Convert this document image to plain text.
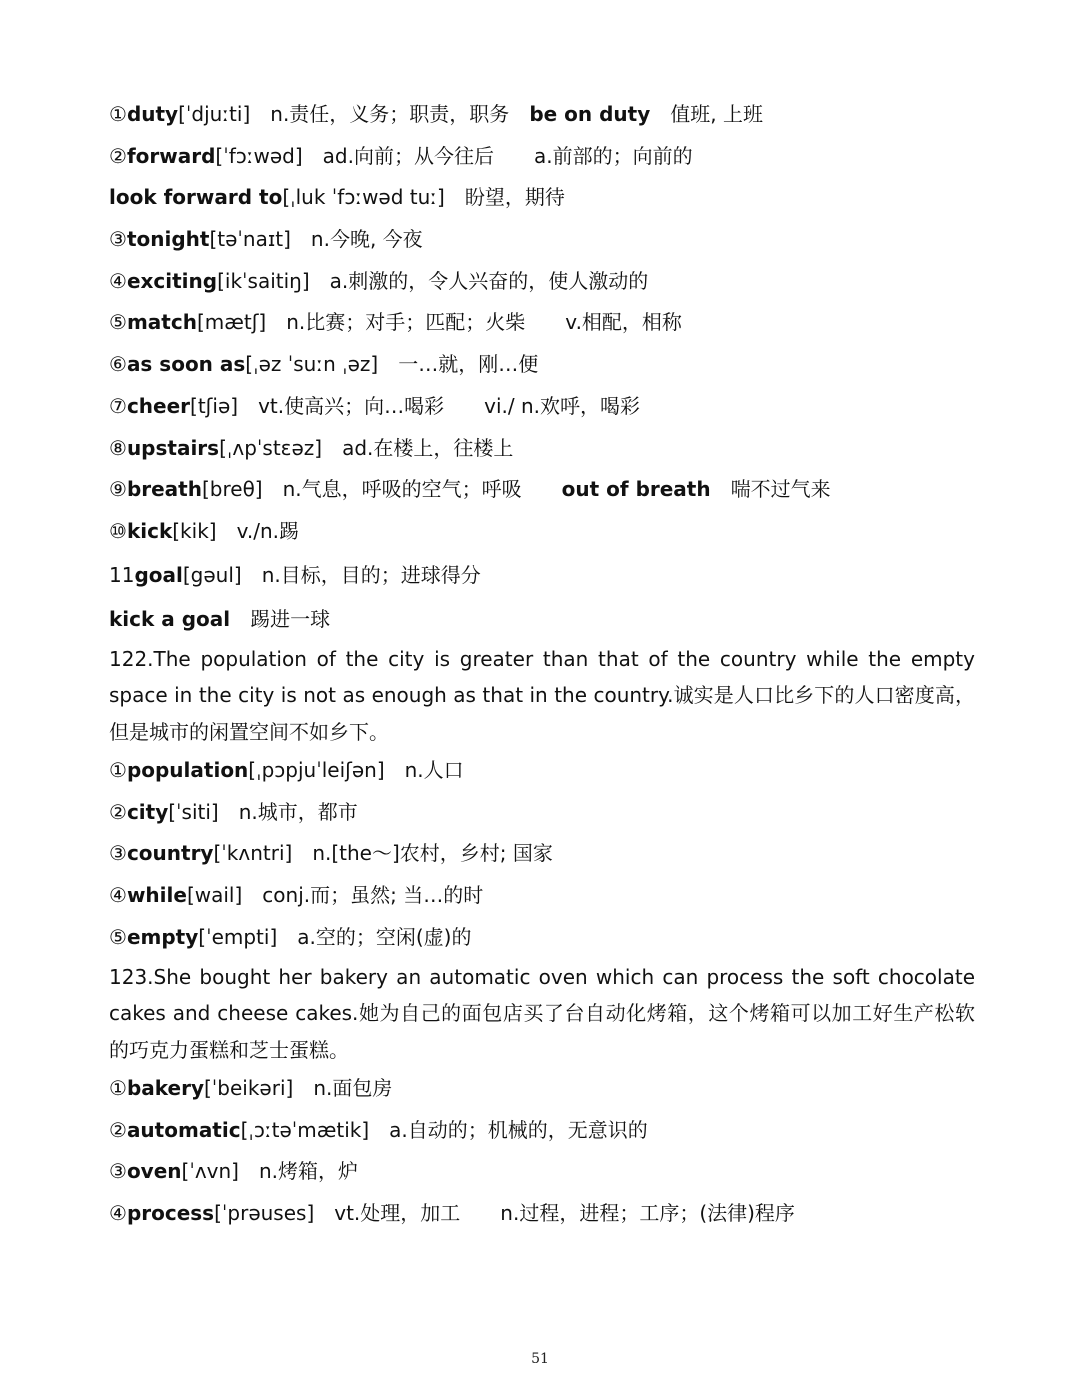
①duty[ˈdjuːti] n.责任，义务；职责，职务 be on duty 值班, 上班
②forward[ˈfɔːwəd] ad.向前；从今往后 a.前部的；向前的
look forward to[ˌluk ˈfɔːwəd tuː] 盼望，期待
③tonight[təˈnaɪt] n.今晚, 今夜
④exciting[ikˈsaitiŋ] a.刺激的，令人兴奋的，使人激动的
⑤match[mætʃ] n.比赛；对手；匹配；火柴 v.相配，相称
⑥as soon as[ˌəz ˈsuːn ˌəz] 一…就，刚…便
⑦cheer[tʃiə] vt.使高兴；向…喝彩 vi./ n.欢呼，喝彩
⑧upstairs[ˌʌpˈstɛəz] ad.在楼上，往楼上
⑨breath[breθ] n.气息，呼吸的空气；呼吸 out of breath 喘不过气来
⑩kick[kik] v./n.踢
11goal[gəul] n.目标，目的；进球得分
kick a goal 踢进一球
122.The population of the city is greater than that of the country while the empty space in the city is not as enough as that in the country.诚实是人口比乡下的人口密度高，但是城市的闲置空间不如乡下。
①population[ˌpɔpjuˈleiʃən] n.人口
②city[ˈsiti] n.城市，都市
③country[ˈkʌntri] n.[the～]农村，乡村; 国家
④while[wail] conj.而；虽然; 当…的时
⑤empty[ˈempti] a.空的；空闲(虚)的
123.She bought her bakery an automatic oven which can process the soft chocolate cakes and cheese cakes.她为自己的面包店买了台自动化烤箱，这个烤箱可以加工好生产松软的巧克力蛋糕和芝士蛋糕。
①bakery[ˈbeikəri] n.面包房
②automatic[ˌɔːtəˈmætik] a.自动的；机械的，无意识的
③oven[ˈʌvn] n.烤箱，炉
④process[ˈprəuses] vt.处理，加工 n.过程，进程；工序；(法律)程序
51
